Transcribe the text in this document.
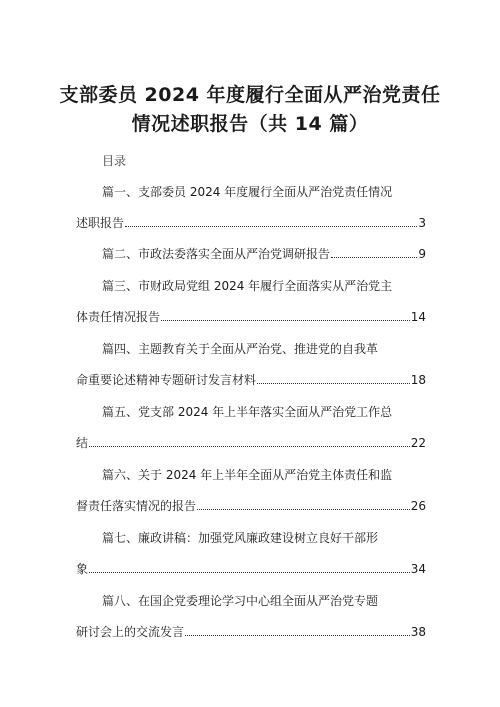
支部委员 2024 年度履行全面从严治党责任
情况述职报告（共 14 篇）
目录
篇一、支部委员 2024 年度履行全面从严治党责任情况
述职报告	3
篇二、市政法委落实全面从严治党调研报告	9
篇三、市财政局党组 2024 年履行全面落实从严治党主
体责任情况报告	14
篇四、主题教育关于全面从严治党、推进党的自我革
命重要论述精神专题研讨发言材料	18
篇五、党支部 2024 年上半年落实全面从严治党工作总
结	22
篇六、关于 2024 年上半年全面从严治党主体责任和监
督责任落实情况的报告	26
篇七、廉政讲稿：加强党风廉政建设树立良好干部形
象	34
篇八、在国企党委理论学习中心组全面从严治党专题
研讨会上的交流发言	38
